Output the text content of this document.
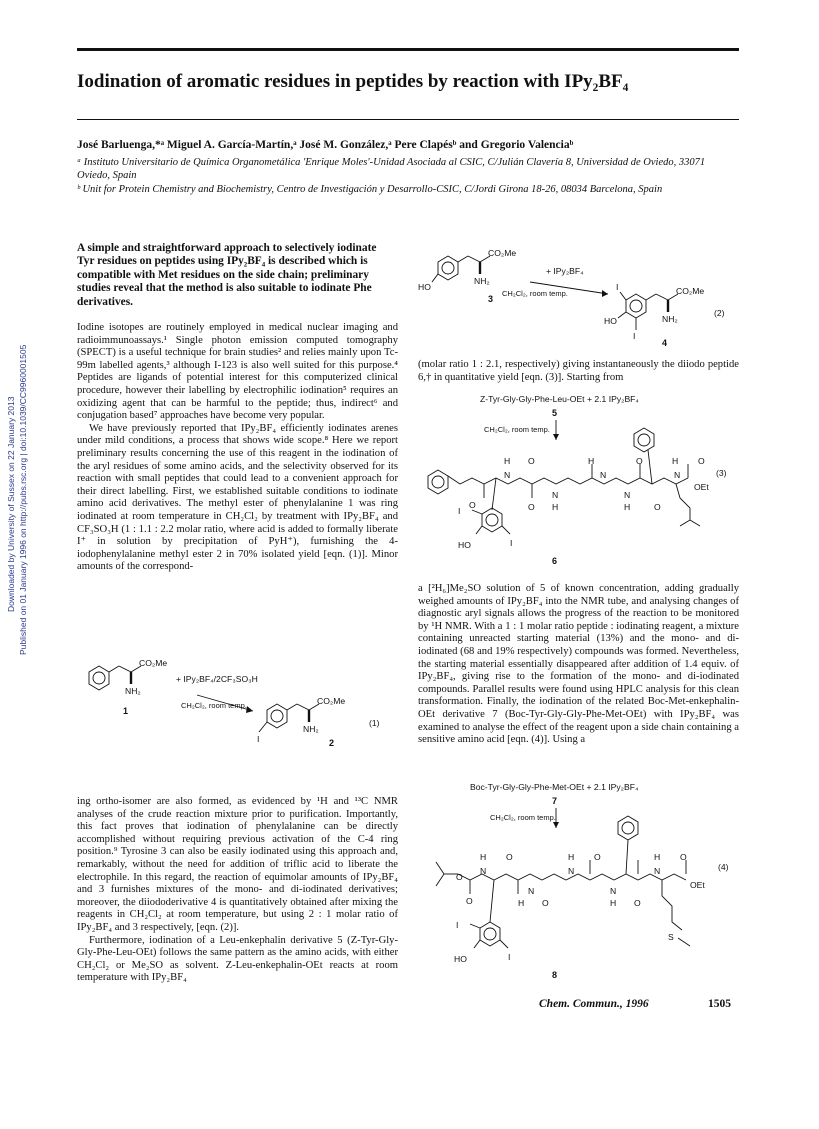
Downloaded by University of Sussex on 22 January 2013 Published on 01 January 1996 on http://pubs.rsc.org | doi:10.1039/CC9960001505
Iodination of aromatic residues in peptides by reaction with IPy₂BF₄
José Barluenga,*ᵃ Miguel A. García-Martín,ᵃ José M. González,ᵃ Pere Clapésᵇ and Gregorio Valenciaᵇ
ᵃ Instituto Universitario de Química Organometálica 'Enrique Moles'-Unidad Asociada al CSIC, C/Julián Clavería 8, Universidad de Oviedo, 33071 Oviedo, Spain
ᵇ Unit for Protein Chemistry and Biochemistry, Centro de Investigación y Desarrollo-CSIC, C/Jordi Girona 18-26, 08034 Barcelona, Spain
A simple and straightforward approach to selectively iodinate Tyr residues on peptides using IPy₂BF₄ is described which is compatible with Met residues on the side chain; preliminary studies reveal that the method is also suitable to iodinate Phe derivatives.

Iodine isotopes are routinely employed in medical nuclear imaging and radioimmunoassays.¹ Single photon emission computed tomography (SPECT) is a useful technique for brain studies² and relies mainly upon Tc-99m labelled agents,³ although I-123 is also well suited for this purpose.⁴ Peptides are ligands of potential interest for this computerized clinical procedure, however their labelling by electrophilic iodination⁵ requires an oxidizing agent that can be harmful to the peptide; thus, indirect⁶ and conjugation based⁷ approaches have become very popular.

We have previously reported that IPy₂BF₄ efficiently iodinates arenes under mild conditions, a process that shows wide scope.⁸ Here we report preliminary results concerning the use of this reagent in the iodination of the aryl residues of some amino acids, and the selectivity observed for its reaction with small peptides that could lead to a convenient approach for their direct labelling. First, we established suitable conditions to iodinate amino acid derivatives. The methyl ester of phenylalanine 1 was ring iodinated at room temperature in CH₂Cl₂ by treatment with IPy₂BF₄ and CF₃SO₃H (1 : 1.1 : 2.2 molar ratio, where acid is added to formally liberate I⁺ in solution by precipitation of PyH⁺), furnishing the 4-iodophenylalanine methyl ester 2 in 70% isolated yield [eqn. (1)]. Minor amounts of the correspond-

CO₂Me
NH₂
1
+ IPy₂BF₄/2CF₃SO₃H
CH₂Cl₂, room temp.
I
CO₂Me
NH₂
2
(1)

ing ortho-isomer are also formed, as evidenced by ¹H and ¹³C NMR analyses of the crude reaction mixture prior to purification. Importantly, this fact proves that iodination of phenylalanine can be directly accomplished without requiring previous activation of the C-4 ring position.⁹ Tyrosine 3 can also be easily iodinated using this approach and, remarkably, without the need for addition of triflic acid to liberate the electrophile. In this regard, the reaction of equimolar amounts of IPy₂BF₄ and 3 furnishes mixtures of the mono- and di-iodinated derivatives; moreover, the diiododerivative 4 is quantitatively obtained after mixing the reagents in CH₂Cl₂ at room temperature, but using 2 : 1 molar ratio of IPy₂BF₄ and 3 respectively, [eqn. (2)].

Furthermore, iodination of a Leu-enkephalin derivative 5 (Z-Tyr-Gly-Gly-Phe-Leu-OEt) follows the same pattern as the amino acids, with either CH₂Cl₂ or Me₂SO as solvent. Z-Leu-enkephalin-OEt reacts at room temperature with IPy₂BF₄

HO
CO₂Me
NH₂
3
+ IPy₂BF₄
CH₂Cl₂, room temp.
I
HO
I
CO₂Me
NH₂
4
(2)

(molar ratio 1 : 2.1, respectively) giving instantaneously the diiodo peptide 6,† in quantitative yield [eqn. (3)]. Starting from

Z-Tyr-Gly-Gly-Phe-Leu-OEt + 2.1 IPy₂BF₄
5
CH₂Cl₂, room temp.
O
H
N
O
N
H
O
H
N
O
N
H	O
H
N
O
OEt
(3)
I
HO	I
6

a [²H₆]Me₂SO solution of 5 of known concentration, adding gradually weighed amounts of IPy₂BF₄ into the NMR tube, and analysing changes of diagnostic aryl signals allows the progress of the reaction to be monitored by ¹H NMR. With a 1 : 1 molar ratio peptide : iodinating reagent, a mixture containing unreacted starting material (13%) and the mono- and di-iodinated (68 and 19% respectively) compounds was formed. Nevertheless, the starting material essentially disappeared after addition of 1.4 equiv. of IPy₂BF₄, giving rise to the formation of the mono- and di-iodinated compounds. Parallel results were found using HPLC analysis for this clean transformation. Finally, the iodination of the related Boc-Met-enkephalin-OEt derivative 7 (Boc-Tyr-Gly-Gly-Phe-Met-OEt) with IPy₂BF₄ was examined to analyse the effect of the reagent upon a side chain containing a sensitive amino acid [eqn. (4)]. Using a

Boc-Tyr-Gly-Gly-Phe-Met-OEt + 2.1 IPy₂BF₄
7
CH₂Cl₂, room temp.
O
O
H
N
O
N
H O
H
N
O
N
H O
H
N
O
OEt
(4)
S
I
HO	I
8
Chem. Commun., 1996	1505
